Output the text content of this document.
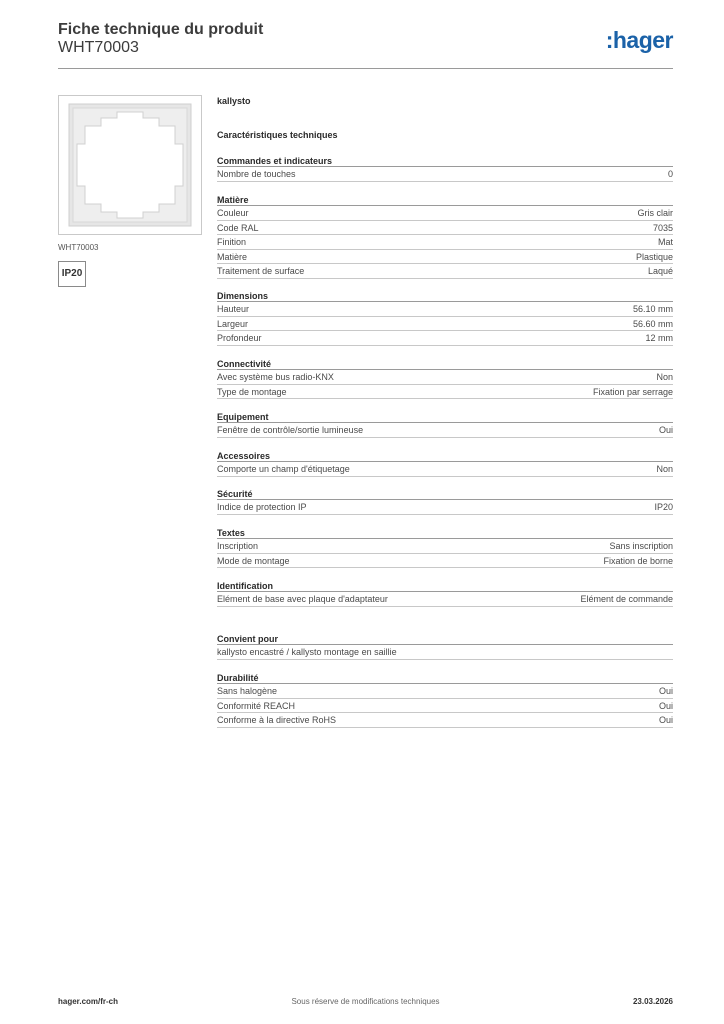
Fiche technique du produit
WHT70003	:hager
WHT70003
IP20
kallysto
Caractéristiques techniques
Commandes et indicateurs
Nombre de touches	0
Matière
Couleur	Gris clair
Code RAL	7035
Finition	Mat
Matière	Plastique
Traitement de surface	Laqué
Dimensions
Hauteur	56.10 mm
Largeur	56.60 mm
Profondeur	12 mm
Connectivité
Avec système bus radio-KNX	Non
Type de montage	Fixation par serrage
Equipement
Fenêtre de contrôle/sortie lumineuse	Oui
Accessoires
Comporte un champ d'étiquetage	Non
Sécurité
Indice de protection IP	IP20
Textes
Inscription	Sans inscription
Mode de montage	Fixation de borne
Identification
Elément de base avec plaque d'adaptateur	Elément de commande
Convient pour
kallysto encastré / kallysto montage en saillie
Durabilité
Sans halogène	Oui
Conformité REACH	Oui
Conforme à la directive RoHS	Oui
hager.com/fr-ch	Sous réserve de modifications techniques	23.03.2026
